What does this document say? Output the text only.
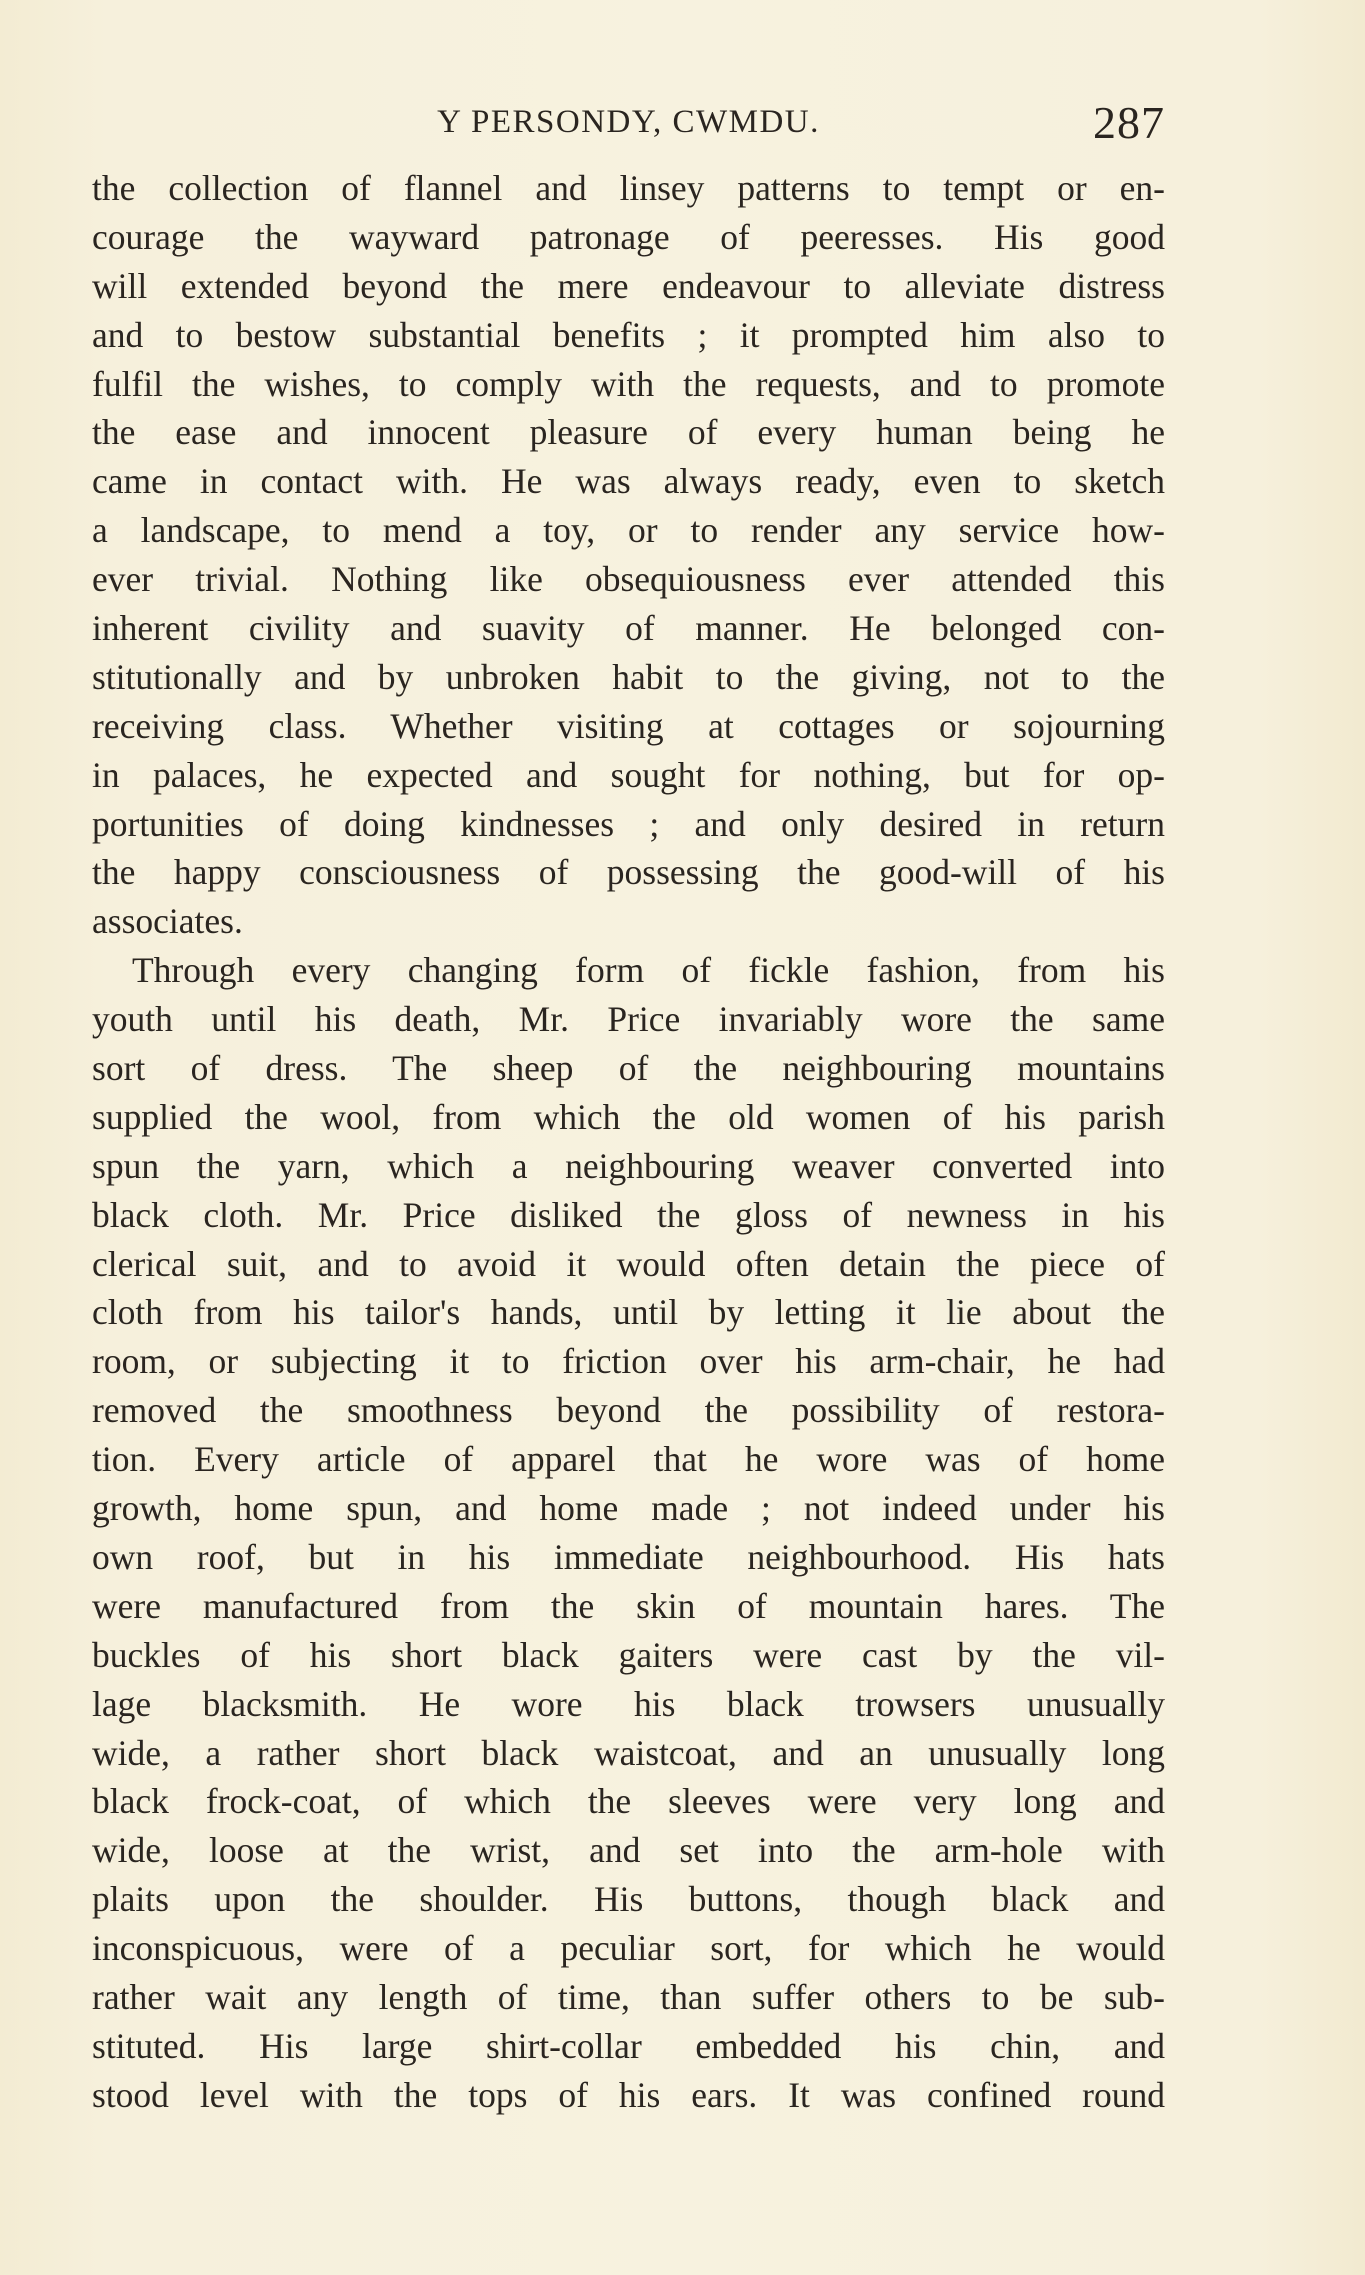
Y PERSONDY, CWMDU.	287
the collection of flannel and linsey patterns to tempt or en-
courage the wayward patronage of peeresses. His good
will extended beyond the mere endeavour to alleviate distress
and to bestow substantial benefits ; it prompted him also to
fulfil the wishes, to comply with the requests, and to promote
the ease and innocent pleasure of every human being he
came in contact with. He was always ready, even to sketch
a landscape, to mend a toy, or to render any service how-
ever trivial. Nothing like obsequiousness ever attended this
inherent civility and suavity of manner. He belonged con-
stitutionally and by unbroken habit to the giving, not to the
receiving class. Whether visiting at cottages or sojourning
in palaces, he expected and sought for nothing, but for op-
portunities of doing kindnesses ; and only desired in return
the happy consciousness of possessing the good-will of his
associates.
Through every changing form of fickle fashion, from his
youth until his death, Mr. Price invariably wore the same
sort of dress. The sheep of the neighbouring mountains
supplied the wool, from which the old women of his parish
spun the yarn, which a neighbouring weaver converted into
black cloth. Mr. Price disliked the gloss of newness in his
clerical suit, and to avoid it would often detain the piece of
cloth from his tailor's hands, until by letting it lie about the
room, or subjecting it to friction over his arm-chair, he had
removed the smoothness beyond the possibility of restora-
tion. Every article of apparel that he wore was of home
growth, home spun, and home made ; not indeed under his
own roof, but in his immediate neighbourhood. His hats
were manufactured from the skin of mountain hares. The
buckles of his short black gaiters were cast by the vil-
lage blacksmith. He wore his black trowsers unusually
wide, a rather short black waistcoat, and an unusually long
black frock-coat, of which the sleeves were very long and
wide, loose at the wrist, and set into the arm-hole with
plaits upon the shoulder. His buttons, though black and
inconspicuous, were of a peculiar sort, for which he would
rather wait any length of time, than suffer others to be sub-
stituted. His large shirt-collar embedded his chin, and
stood level with the tops of his ears. It was confined round
